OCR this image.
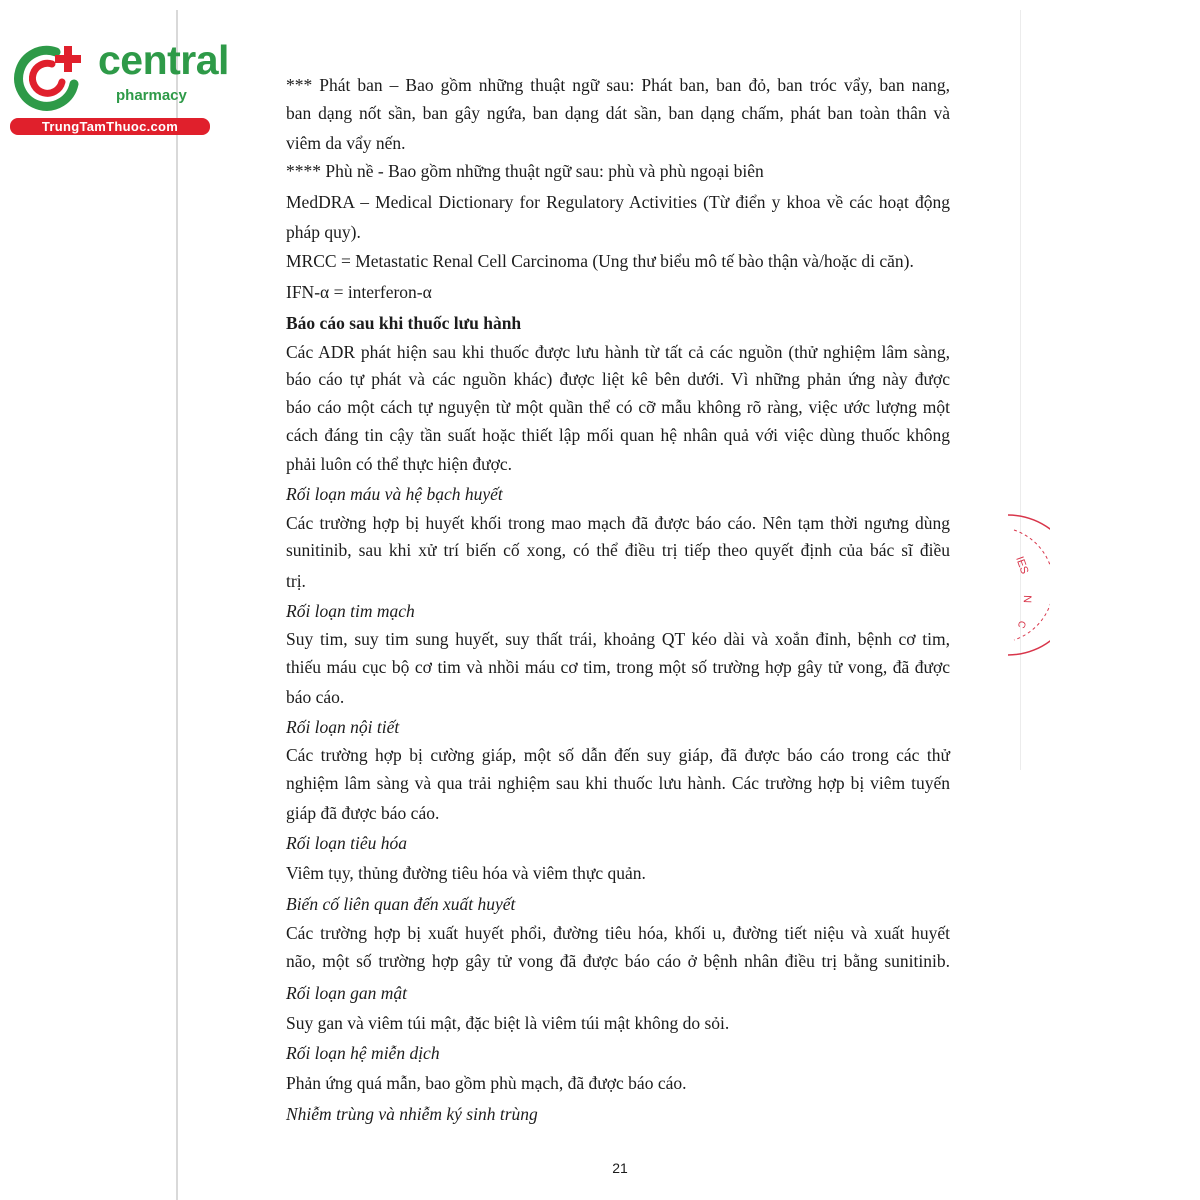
central
pharmacy
TrungTamThuoc.com
IES
N
C
*** Phát ban – Bao gồm những thuật ngữ sau: Phát ban, ban đỏ, ban tróc vẩy, ban nang,
ban dạng nốt sần, ban gây ngứa, ban dạng dát sần, ban dạng chấm, phát ban toàn thân và
viêm da vẩy nến.
**** Phù nề - Bao gồm những thuật ngữ sau: phù và phù ngoại biên
MedDRA – Medical Dictionary for Regulatory Activities (Từ điển y khoa về các hoạt động
pháp quy).
MRCC = Metastatic Renal Cell Carcinoma (Ung thư biểu mô tế bào thận và/hoặc di căn).
IFN-α = interferon-α
Báo cáo sau khi thuốc lưu hành
Các ADR phát hiện sau khi thuốc được lưu hành từ tất cả các nguồn (thử nghiệm lâm sàng,
báo cáo tự phát và các nguồn khác) được liệt kê bên dưới. Vì những phản ứng này được
báo cáo một cách tự nguyện từ một quần thể có cỡ mẫu không rõ ràng, việc ước lượng một
cách đáng tin cậy tần suất hoặc thiết lập mối quan hệ nhân quả với việc dùng thuốc không
phải luôn có thể thực hiện được.
Rối loạn máu và hệ bạch huyết
Các trường hợp bị huyết khối trong mao mạch đã được báo cáo. Nên tạm thời ngưng dùng
sunitinib, sau khi xử trí biến cố xong, có thể điều trị tiếp theo quyết định của bác sĩ điều
trị.
Rối loạn tim mạch
Suy tim, suy tim sung huyết, suy thất trái, khoảng QT kéo dài và xoắn đỉnh, bệnh cơ tim,
thiếu máu cục bộ cơ tim và nhồi máu cơ tim, trong một số trường hợp gây tử vong, đã được
báo cáo.
Rối loạn nội tiết
Các trường hợp bị cường giáp, một số dẫn đến suy giáp, đã được báo cáo trong các thử
nghiệm lâm sàng và qua trải nghiệm sau khi thuốc lưu hành. Các trường hợp bị viêm tuyến
giáp đã được báo cáo.
Rối loạn tiêu hóa
Viêm tụy, thủng đường tiêu hóa và viêm thực quản.
Biến cố liên quan đến xuất huyết
Các trường hợp bị xuất huyết phổi, đường tiêu hóa, khối u, đường tiết niệu và xuất huyết
não, một số trường hợp gây tử vong đã được báo cáo ở bệnh nhân điều trị bằng sunitinib.
Rối loạn gan mật
Suy gan và viêm túi mật, đặc biệt là viêm túi mật không do sỏi.
Rối loạn hệ miễn dịch
Phản ứng quá mẫn, bao gồm phù mạch, đã được báo cáo.
Nhiễm trùng và nhiễm ký sinh trùng
21
